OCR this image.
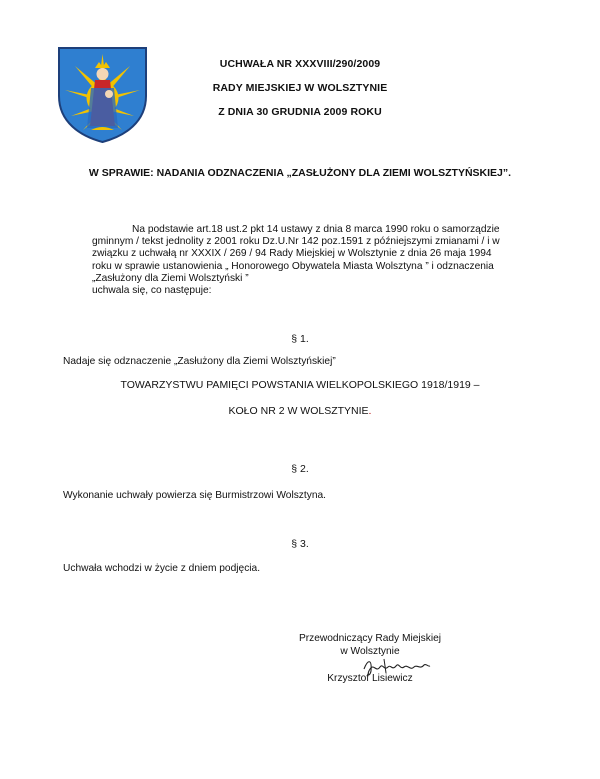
UCHWAŁA NR XXXVIII/290/2009
RADY MIEJSKIEJ W WOLSZTYNIE
Z DNIA 30 GRUDNIA 2009 ROKU
W SPRAWIE: NADANIA ODZNACZENIA „ZASŁUŻONY DLA ZIEMI WOLSZTYŃSKIEJ”.
Na podstawie art.18 ust.2 pkt 14 ustawy z dnia 8 marca 1990 roku o samorządzie
gminnym / tekst jednolity z 2001 roku Dz.U.Nr 142 poz.1591 z późniejszymi zmianami / i w
związku z uchwałą nr XXXIX / 269 / 94 Rady Miejskiej w Wolsztynie z dnia 26 maja 1994
roku w sprawie ustanowienia „ Honorowego Obywatela Miasta Wolsztyna ” i odznaczenia
„Zasłużony dla Ziemi Wolsztyński ”
uchwala się, co następuje:
§ 1.
Nadaje się odznaczenie „Zasłużony dla Ziemi Wolsztyńskiej”
TOWARZYSTWU PAMIĘCI POWSTANIA WIELKOPOLSKIEGO 1918/1919 –
KOŁO NR 2 W WOLSZTYNIE.
§ 2.
Wykonanie uchwały powierza się Burmistrzowi Wolsztyna.
§ 3.
Uchwała wchodzi w życie z dniem podjęcia.
Przewodniczący Rady Miejskiej
w Wolsztynie
Krzysztof Lisiewicz
